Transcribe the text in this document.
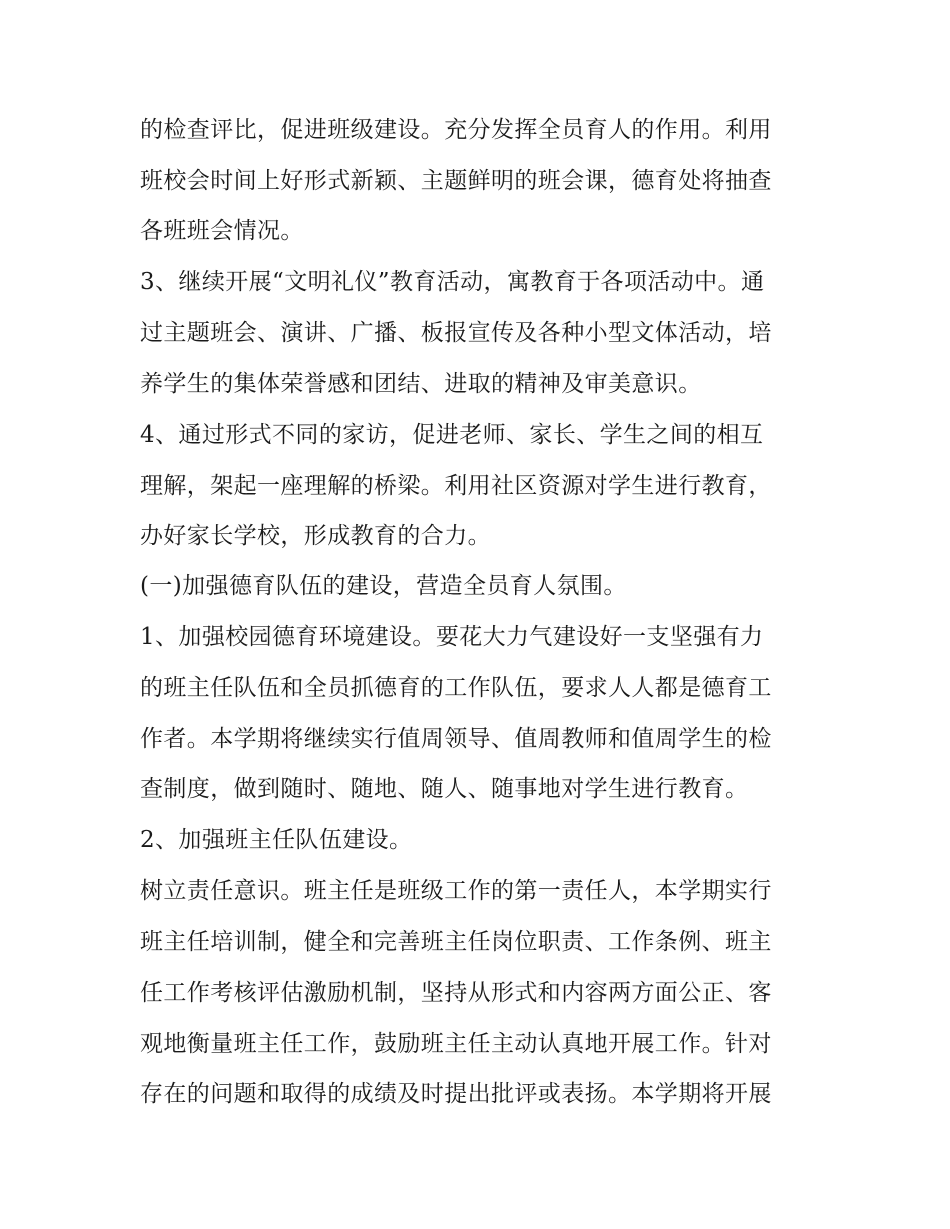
的检查评比，促进班级建设。充分发挥全员育人的作用。利用
班校会时间上好形式新颖、主题鲜明的班会课，德育处将抽查
各班班会情况。
3、继续开展“文明礼仪”教育活动，寓教育于各项活动中。通
过主题班会、演讲、广播、板报宣传及各种小型文体活动，培
养学生的集体荣誉感和团结、进取的精神及审美意识。
4、通过形式不同的家访，促进老师、家长、学生之间的相互
理解，架起一座理解的桥梁。利用社区资源对学生进行教育，
办好家长学校，形成教育的合力。
(一)加强德育队伍的建设，营造全员育人氛围。
1、加强校园德育环境建设。要花大力气建设好一支坚强有力
的班主任队伍和全员抓德育的工作队伍，要求人人都是德育工
作者。本学期将继续实行值周领导、值周教师和值周学生的检
查制度，做到随时、随地、随人、随事地对学生进行教育。
2、加强班主任队伍建设。
树立责任意识。班主任是班级工作的第一责任人，本学期实行
班主任培训制，健全和完善班主任岗位职责、工作条例、班主
任工作考核评估激励机制，坚持从形式和内容两方面公正、客
观地衡量班主任工作，鼓励班主任主动认真地开展工作。针对
存在的问题和取得的成绩及时提出批评或表扬。本学期将开展
